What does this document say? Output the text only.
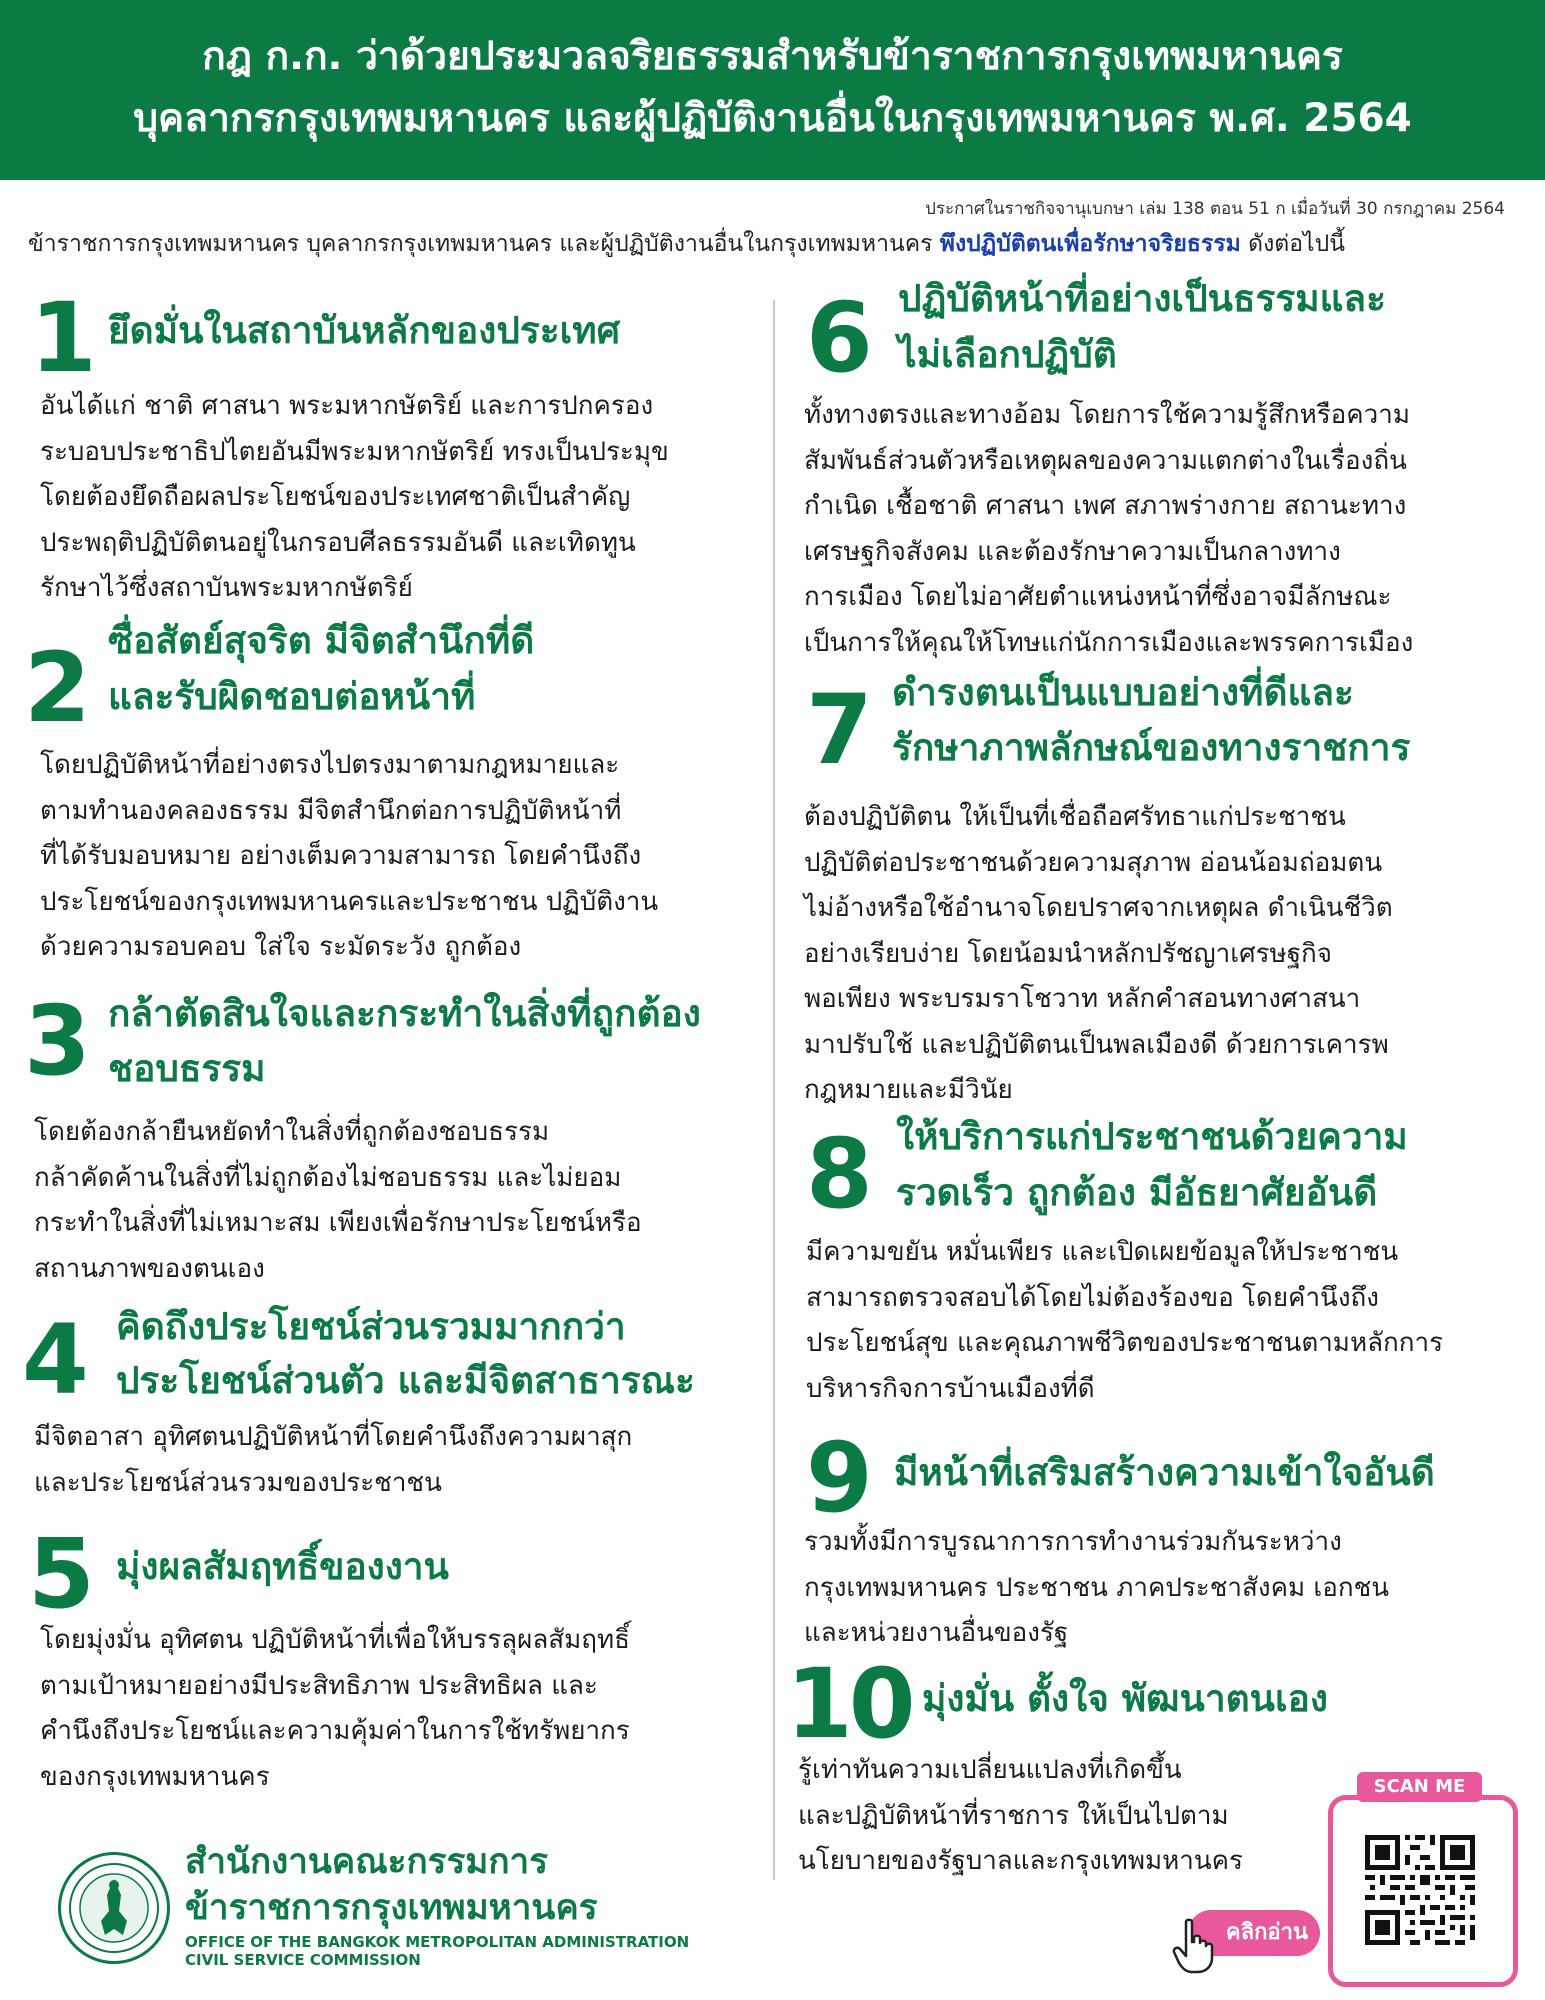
กฎ ก.ก. ว่าด้วยประมวลจริยธรรมสำหรับข้าราชการกรุงเทพมหานคร
บุคลากรกรุงเทพมหานคร และผู้ปฏิบัติงานอื่นในกรุงเทพมหานคร พ.ศ. 2564
ประกาศในราชกิจจานุเบกษา เล่ม 138 ตอน 51 ก เมื่อวันที่ 30 กรกฎาคม 2564
ข้าราชการกรุงเทพมหานคร บุคลากรกรุงเทพมหานคร และผู้ปฏิบัติงานอื่นในกรุงเทพมหานคร พึงปฏิบัติตนเพื่อรักษาจริยธรรม ดังต่อไปนี้
1 ยึดมั่นในสถาบันหลักของประเทศ
อันได้แก่ ชาติ ศาสนา พระมหากษัตริย์ และการปกครอง
ระบอบประชาธิปไตยอันมีพระมหากษัตริย์ ทรงเป็นประมุข
โดยต้องยึดถือผลประโยชน์ของประเทศชาติเป็นสำคัญ
ประพฤติปฏิบัติตนอยู่ในกรอบศีลธรรมอันดี และเทิดทูน
รักษาไว้ซึ่งสถาบันพระมหากษัตริย์
2 ซื่อสัตย์สุจริต มีจิตสำนึกที่ดี
และรับผิดชอบต่อหน้าที่
โดยปฏิบัติหน้าที่อย่างตรงไปตรงมาตามกฎหมายและ
ตามทำนองคลองธรรม มีจิตสำนึกต่อการปฏิบัติหน้าที่
ที่ได้รับมอบหมาย อย่างเต็มความสามารถ โดยคำนึงถึง
ประโยชน์ของกรุงเทพมหานครและประชาชน ปฏิบัติงาน
ด้วยความรอบคอบ ใส่ใจ ระมัดระวัง ถูกต้อง
3 กล้าตัดสินใจและกระทำในสิ่งที่ถูกต้อง
ชอบธรรม
โดยต้องกล้ายืนหยัดทำในสิ่งที่ถูกต้องชอบธรรม
กล้าคัดค้านในสิ่งที่ไม่ถูกต้องไม่ชอบธรรม และไม่ยอม
กระทำในสิ่งที่ไม่เหมาะสม เพียงเพื่อรักษาประโยชน์หรือ
สถานภาพของตนเอง
4 คิดถึงประโยชน์ส่วนรวมมากกว่า
ประโยชน์ส่วนตัว และมีจิตสาธารณะ
มีจิตอาสา อุทิศตนปฏิบัติหน้าที่โดยคำนึงถึงความผาสุก
และประโยชน์ส่วนรวมของประชาชน
5 มุ่งผลสัมฤทธิ์ของงาน
โดยมุ่งมั่น อุทิศตน ปฏิบัติหน้าที่เพื่อให้บรรลุผลสัมฤทธิ์
ตามเป้าหมายอย่างมีประสิทธิภาพ ประสิทธิผล และ
คำนึงถึงประโยชน์และความคุ้มค่าในการใช้ทรัพยากร
ของกรุงเทพมหานคร
6 ปฏิบัติหน้าที่อย่างเป็นธรรมและ
ไม่เลือกปฏิบัติ
ทั้งทางตรงและทางอ้อม โดยการใช้ความรู้สึกหรือความ
สัมพันธ์ส่วนตัวหรือเหตุผลของความแตกต่างในเรื่องถิ่น
กำเนิด เชื้อชาติ ศาสนา เพศ สภาพร่างกาย สถานะทาง
เศรษฐกิจสังคม และต้องรักษาความเป็นกลางทาง
การเมือง โดยไม่อาศัยตำแหน่งหน้าที่ซึ่งอาจมีลักษณะ
เป็นการให้คุณให้โทษแก่นักการเมืองและพรรคการเมือง
7 ดำรงตนเป็นแบบอย่างที่ดีและ
รักษาภาพลักษณ์ของทางราชการ
ต้องปฏิบัติตน ให้เป็นที่เชื่อถือศรัทธาแก่ประชาชน
ปฏิบัติต่อประชาชนด้วยความสุภาพ อ่อนน้อมถ่อมตน
ไม่อ้างหรือใช้อำนาจโดยปราศจากเหตุผล ดำเนินชีวิต
อย่างเรียบง่าย โดยน้อมนำหลักปรัชญาเศรษฐกิจ
พอเพียง พระบรมราโชวาท หลักคำสอนทางศาสนา
มาปรับใช้ และปฏิบัติตนเป็นพลเมืองดี ด้วยการเคารพ
กฎหมายและมีวินัย
8 ให้บริการแก่ประชาชนด้วยความ
รวดเร็ว ถูกต้อง มีอัธยาศัยอันดี
มีความขยัน หมั่นเพียร และเปิดเผยข้อมูลให้ประชาชน
สามารถตรวจสอบได้โดยไม่ต้องร้องขอ โดยคำนึงถึง
ประโยชน์สุข และคุณภาพชีวิตของประชาชนตามหลักการ
บริหารกิจการบ้านเมืองที่ดี
9 มีหน้าที่เสริมสร้างความเข้าใจอันดี
รวมทั้งมีการบูรณาการการทำงานร่วมกันระหว่าง
กรุงเทพมหานคร ประชาชน ภาคประชาสังคม เอกชน
และหน่วยงานอื่นของรัฐ
10 มุ่งมั่น ตั้งใจ พัฒนาตนเอง
รู้เท่าทันความเปลี่ยนแปลงที่เกิดขึ้น
และปฏิบัติหน้าที่ราชการ ให้เป็นไปตาม
นโยบายของรัฐบาลและกรุงเทพมหานคร
สำนักงานคณะกรรมการ
ข้าราชการกรุงเทพมหานคร
OFFICE OF THE BANGKOK METROPOLITAN ADMINISTRATION
CIVIL SERVICE COMMISSION
SCAN ME
คลิกอ่าน
